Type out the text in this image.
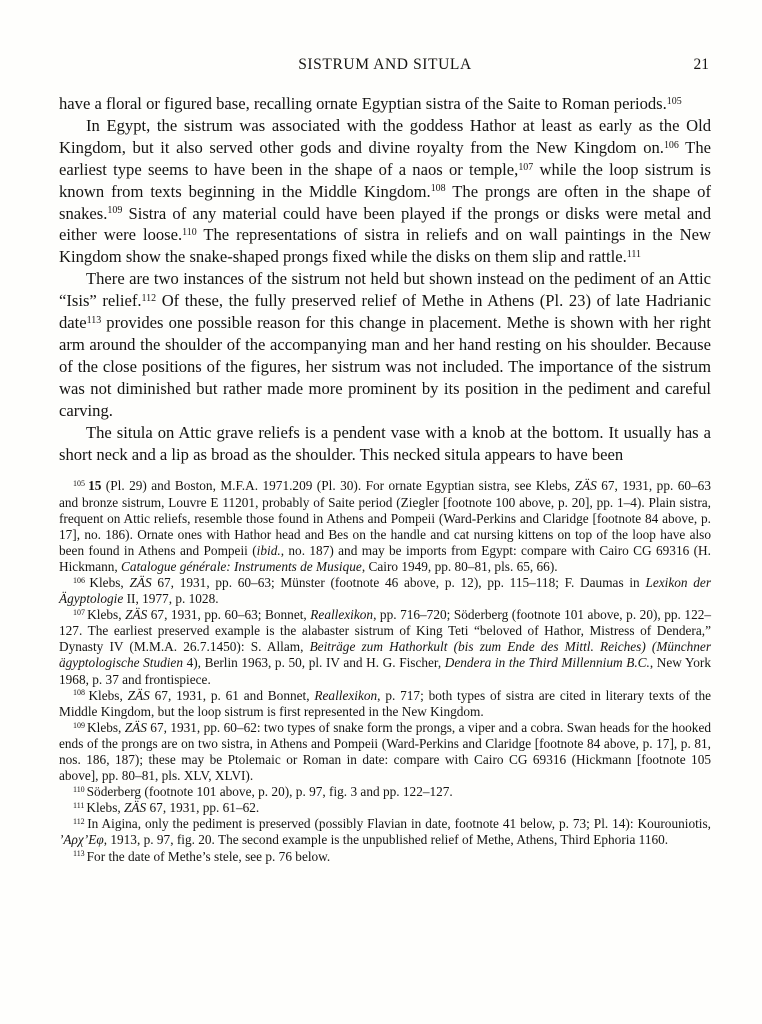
SISTRUM AND SITULA	21

have a floral or figured base, recalling ornate Egyptian sistra of the Saite to Roman periods.$^{105}$

In Egypt, the sistrum was associated with the goddess Hathor at least as early as the Old Kingdom, but it also served other gods and divine royalty from the New Kingdom on.$^{106}$ The earliest type seems to have been in the shape of a naos or temple,$^{107}$ while the loop sistrum is known from texts beginning in the Middle Kingdom.$^{108}$ The prongs are often in the shape of snakes.$^{109}$ Sistra of any material could have been played if the prongs or disks were metal and either were loose.$^{110}$ The representations of sistra in reliefs and on wall paintings in the New Kingdom show the snake-shaped prongs fixed while the disks on them slip and rattle.$^{111}$

There are two instances of the sistrum not held but shown instead on the pediment of an Attic “Isis” relief.$^{112}$ Of these, the fully preserved relief of Methe in Athens (Pl. 23) of late Hadrianic date$^{113}$ provides one possible reason for this change in placement. Methe is shown with her right arm around the shoulder of the accompanying man and her hand resting on his shoulder. Because of the close positions of the figures, her sistrum was not included. The importance of the sistrum was not diminished but rather made more prominent by its position in the pediment and careful carving.

The situla on Attic grave reliefs is a pendent vase with a knob at the bottom. It usually has a short neck and a lip as broad as the shoulder. This necked situla appears to have been

$^{105}$ 15 (Pl. 29) and Boston, M.F.A. 1971.209 (Pl. 30). For ornate Egyptian sistra, see Klebs, ZÄS 67, 1931, pp. 60–63 and bronze sistrum, Louvre E 11201, probably of Saite period (Ziegler [footnote 100 above, p. 20], pp. 1–4). Plain sistra, frequent on Attic reliefs, resemble those found in Athens and Pompeii (Ward-Perkins and Claridge [footnote 84 above, p. 17], no. 186). Ornate ones with Hathor head and Bes on the handle and cat nursing kittens on top of the loop have also been found in Athens and Pompeii (ibid., no. 187) and may be imports from Egypt: compare with Cairo CG 69316 (H. Hickmann, Catalogue générale: Instruments de Musique, Cairo 1949, pp. 80–81, pls. 65, 66).

$^{106}$ Klebs, ZÄS 67, 1931, pp. 60–63; Münster (footnote 46 above, p. 12), pp. 115–118; F. Daumas in Lexikon der Ägyptologie II, 1977, p. 1028.

$^{107}$ Klebs, ZÄS 67, 1931, pp. 60–63; Bonnet, Reallexikon, pp. 716–720; Söderberg (footnote 101 above, p. 20), pp. 122–127. The earliest preserved example is the alabaster sistrum of King Teti “beloved of Hathor, Mistress of Dendera,” Dynasty IV (M.M.A. 26.7.1450): S. Allam, Beiträge zum Hathorkult (bis zum Ende des Mittl. Reiches) (Münchner ägyptologische Studien 4), Berlin 1963, p. 50, pl. IV and H. G. Fischer, Dendera in the Third Millennium B.C., New York 1968, p. 37 and frontispiece.

$^{108}$ Klebs, ZÄS 67, 1931, p. 61 and Bonnet, Reallexikon, p. 717; both types of sistra are cited in literary texts of the Middle Kingdom, but the loop sistrum is first represented in the New Kingdom.

$^{109}$ Klebs, ZÄS 67, 1931, pp. 60–62: two types of snake form the prongs, a viper and a cobra. Swan heads for the hooked ends of the prongs are on two sistra, in Athens and Pompeii (Ward-Perkins and Claridge [footnote 84 above, p. 17], p. 81, nos. 186, 187); these may be Ptolemaic or Roman in date: compare with Cairo CG 69316 (Hickmann [footnote 105 above], pp. 80–81, pls. XLV, XLVI).

$^{110}$ Söderberg (footnote 101 above, p. 20), p. 97, fig. 3 and pp. 122–127.

$^{111}$ Klebs, ZÄS 67, 1931, pp. 61–62.

$^{112}$ In Aigina, only the pediment is preserved (possibly Flavian in date, footnote 41 below, p. 73; Pl. 14): Kourouniotis, ’Αρχ’Εφ, 1913, p. 97, fig. 20. The second example is the unpublished relief of Methe, Athens, Third Ephoria 1160.

$^{113}$ For the date of Methe’s stele, see p. 76 below.
